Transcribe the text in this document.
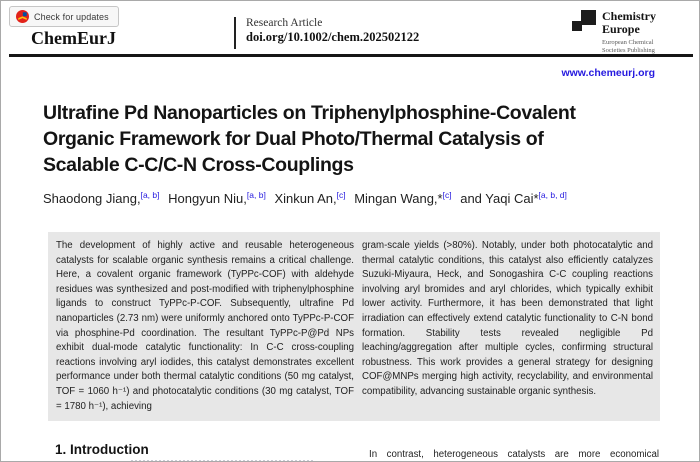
Check for updates
ChemEurJ
Research Article
doi.org/10.1002/chem.202502122
Chemistry
Europe
European Chemical
Societies Publishing
www.chemeurj.org
Ultrafine Pd Nanoparticles on Triphenylphosphine-Covalent
Organic Framework for Dual Photo/Thermal Catalysis of
Scalable C-C/C-N Cross-Couplings
Shaodong Jiang,[a, b] Hongyun Niu,[a, b] Xinkun An,[c] Mingan Wang,*[c] and Yaqi Cai*[a, b, d]
The development of highly active and reusable heterogeneous catalysts for scalable organic synthesis remains a critical challenge. Here, a covalent organic framework (TyPPc-COF) with aldehyde residues was synthesized and post-modified with triphenylphosphine ligands to construct TyPPc-P-COF. Subsequently, ultrafine Pd nanoparticles (2.73 nm) were uniformly anchored onto TyPPc-P-COF via phosphine-Pd coordination. The resultant TyPPc-P@Pd NPs exhibit dual-mode catalytic functionality: In C-C cross-coupling reactions involving aryl iodides, this catalyst demonstrates excellent performance under both thermal catalytic conditions (50 mg catalyst, TOF = 1060 h⁻¹) and photocatalytic conditions (30 mg catalyst, TOF = 1780 h⁻¹), achieving
gram-scale yields (>80%). Notably, under both photocatalytic and thermal catalytic conditions, this catalyst also efficiently catalyzes Suzuki-Miyaura, Heck, and Sonogashira C-C coupling reactions involving aryl bromides and aryl chlorides, which typically exhibit lower activity. Furthermore, it has been demonstrated that light irradiation can effectively extend catalytic functionality to C-N bond formation. Stability tests revealed negligible Pd leaching/aggregation after multiple cycles, confirming structural robustness. This work provides a general strategy for designing COF@MNPs merging high activity, recyclability, and environmental compatibility, advancing sustainable organic synthesis.
1. Introduction	In contrast, heterogeneous catalysts are more economical
